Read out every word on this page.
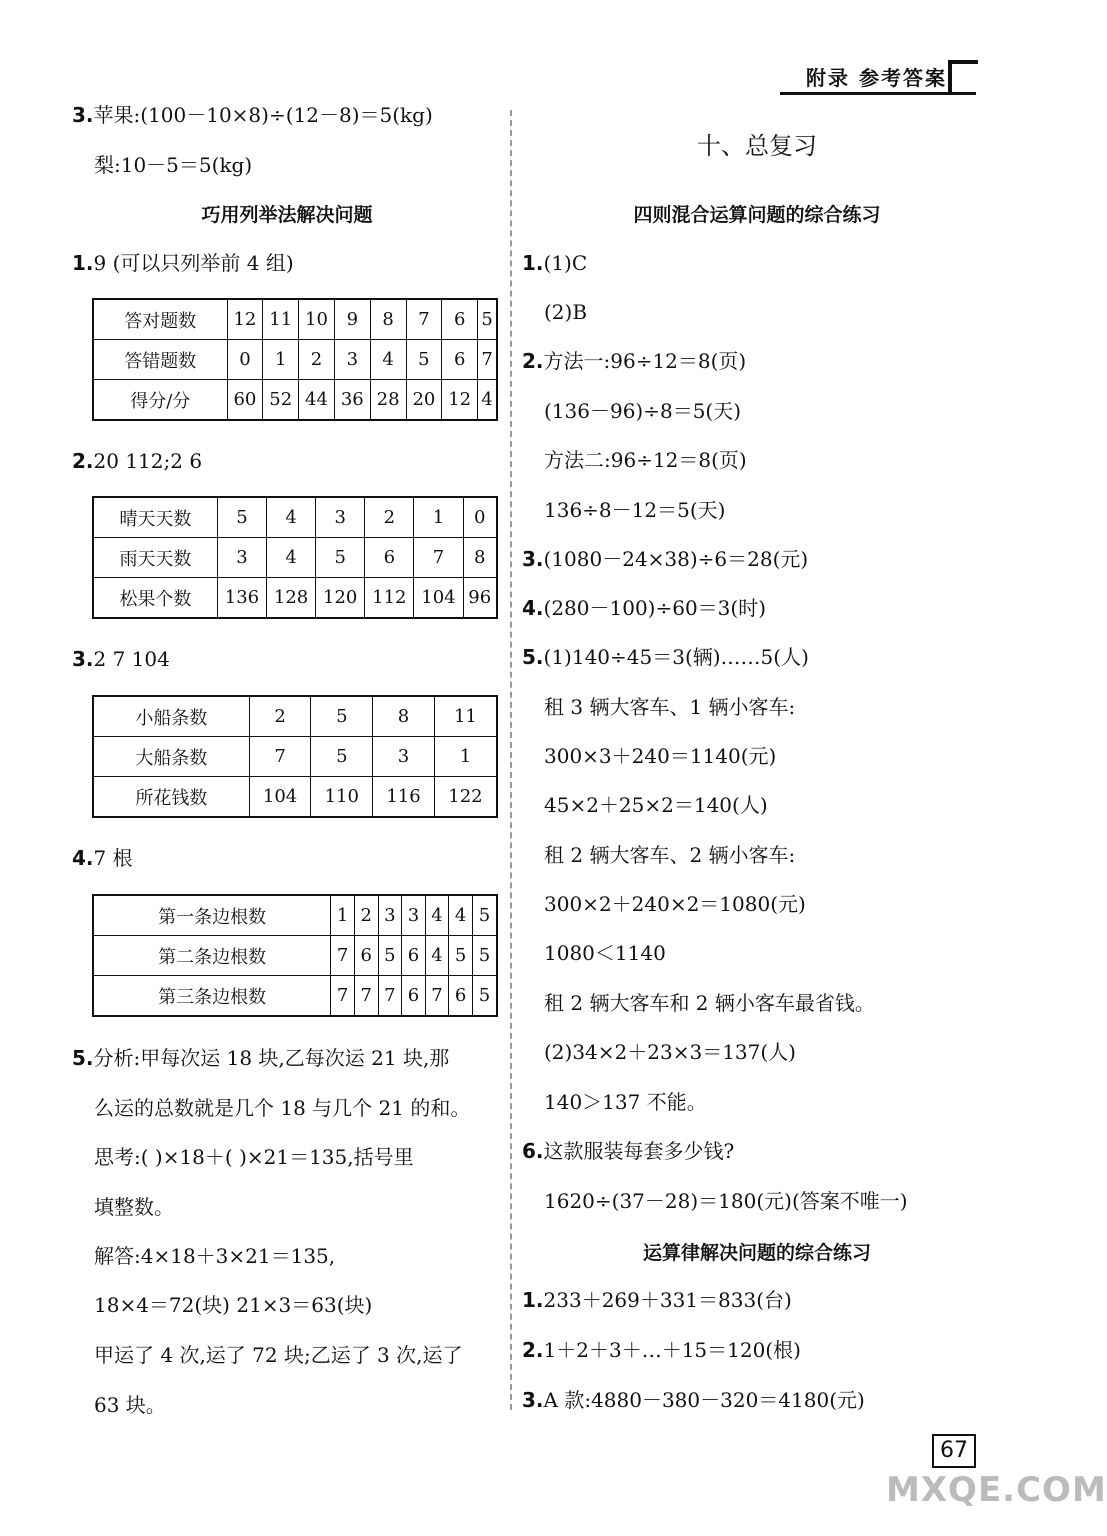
附录 参考答案
3.苹果:(100－10×8)÷(12－8)＝5(kg)
梨:10－5＝5(kg)
巧用列举法解决问题
1.9 (可以只列举前 4 组)
答对题数	12	11	10	9	8	7	6	5
答错题数	0	1	2	3	4	5	6	7
得分/分	60	52	44	36	28	20	12	4
2.20 112;2 6
晴天天数	5	4	3	2	1	0
雨天天数	3	4	5	6	7	8
松果个数	136	128	120	112	104	96
3.2 7 104
小船条数	2	5	8	11
大船条数	7	5	3	1
所花钱数	104	110	116	122
4.7 根
第一条边根数	1	2	3	3	4	4	5
第二条边根数	7	6	5	6	4	5	5
第三条边根数	7	7	7	6	7	6	5
5.分析:甲每次运 18 块,乙每次运 21 块,那
么运的总数就是几个 18 与几个 21 的和。
思考:( )×18＋( )×21＝135,括号里
填整数。
解答:4×18＋3×21＝135,
18×4＝72(块) 21×3＝63(块)
甲运了 4 次,运了 72 块;乙运了 3 次,运了
63 块。
十、总复习
四则混合运算问题的综合练习
1.(1)C
(2)B
2.方法一:96÷12＝8(页)
(136－96)÷8＝5(天)
方法二:96÷12＝8(页)
136÷8－12＝5(天)
3.(1080－24×38)÷6＝28(元)
4.(280－100)÷60＝3(时)
5.(1)140÷45＝3(辆)……5(人)
租 3 辆大客车、1 辆小客车:
300×3＋240＝1140(元)
45×2＋25×2＝140(人)
租 2 辆大客车、2 辆小客车:
300×2＋240×2＝1080(元)
1080＜1140
租 2 辆大客车和 2 辆小客车最省钱。
(2)34×2＋23×3＝137(人)
140＞137 不能。
6.这款服装每套多少钱?
1620÷(37－28)＝180(元)(答案不唯一)
运算律解决问题的综合练习
1.233＋269＋331＝833(台)
2.1＋2＋3＋…＋15＝120(根)
3.A 款:4880－380－320＝4180(元)
67
MXQE.COM
